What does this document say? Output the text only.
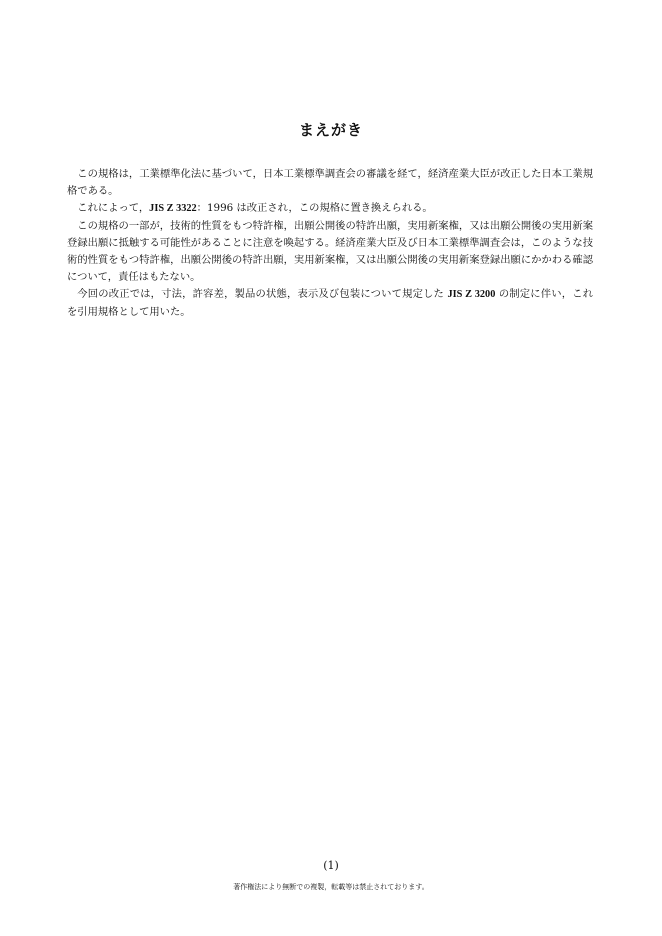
まえがき

この規格は，工業標準化法に基づいて，日本工業標準調査会の審議を経て，経済産業大臣が改正した日本工業規格である。

これによって，JIS Z 3322：1996 は改正され，この規格に置き換えられる。

この規格の一部が，技術的性質をもつ特許権，出願公開後の特許出願，実用新案権，又は出願公開後の実用新案登録出願に抵触する可能性があることに注意を喚起する。経済産業大臣及び日本工業標準調査会は，このような技術的性質をもつ特許権，出願公開後の特許出願，実用新案権，又は出願公開後の実用新案登録出願にかかわる確認について，責任はもたない。

今回の改正では，寸法，許容差，製品の状態，表示及び包装について規定した JIS Z 3200 の制定に伴い，これを引用規格として用いた。

(1)
著作権法により無断での複製，転載等は禁止されております。
